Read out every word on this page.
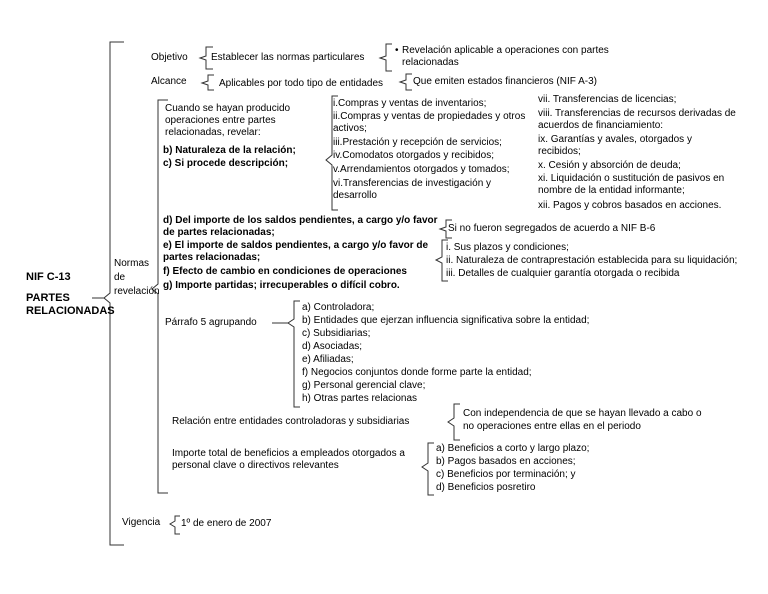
NIF C-13
PARTES RELACIONADAS
Objetivo Establecer las normas particulares
• Revelación aplicable a operaciones con partes relacionadas
Alcance	Aplicables por todo tipo de entidades	Que emiten estados financieros (NIF A-3)
Normas de revelación
Cuando se hayan producido operaciones entre partes relacionadas, revelar:
b) Naturaleza de la relación;
c) Si procede descripción;
i.Compras y ventas de inventarios;
ii.Compras y ventas de propiedades y otros activos;
iii.Prestación y recepción de servicios;
iv.Comodatos otorgados y recibidos;
v.Arrendamientos otorgados y tomados;
vi.Transferencias de investigación y desarrollo
vii. Transferencias de licencias;
viii. Transferencias de recursos derivadas de acuerdos de financiamiento:
ix. Garantías y avales, otorgados y recibidos;
x. Cesión y absorción de deuda;
xi. Liquidación o sustitución de pasivos en nombre de la entidad informante;
xii. Pagos y cobros basados en acciones.
d) Del importe de los saldos pendientes, a cargo y/o favor de partes relacionadas;
e) El importe de saldos pendientes, a cargo y/o favor de partes relacionadas;
f) Efecto de cambio en condiciones de operaciones
g) Importe partidas; irrecuperables o difícil cobro.
Si no fueron segregados de acuerdo a NIF B-6
i. Sus plazos y condiciones;
ii. Naturaleza de contraprestación establecida para su liquidación;
iii. Detalles de cualquier garantía otorgada o recibida
Párrafo 5 agrupando
a) Controladora;
b) Entidades que ejerzan influencia significativa sobre la entidad;
c) Subsidiarias;
d) Asociadas;
e) Afiliadas;
f) Negocios conjuntos donde forme parte la entidad;
g) Personal gerencial clave;
h) Otras partes relacionas
Relación entre entidades controladoras y subsidiarias
Con independencia de que se hayan llevado a cabo o no operaciones entre ellas en el periodo
Importe total de beneficios a empleados otorgados a personal clave o directivos relevantes
a) Beneficios a corto y largo plazo;
b) Pagos basados en acciones;
c) Beneficios por terminación; y
d) Beneficios posretiro
Vigencia 1º de enero de 2007
